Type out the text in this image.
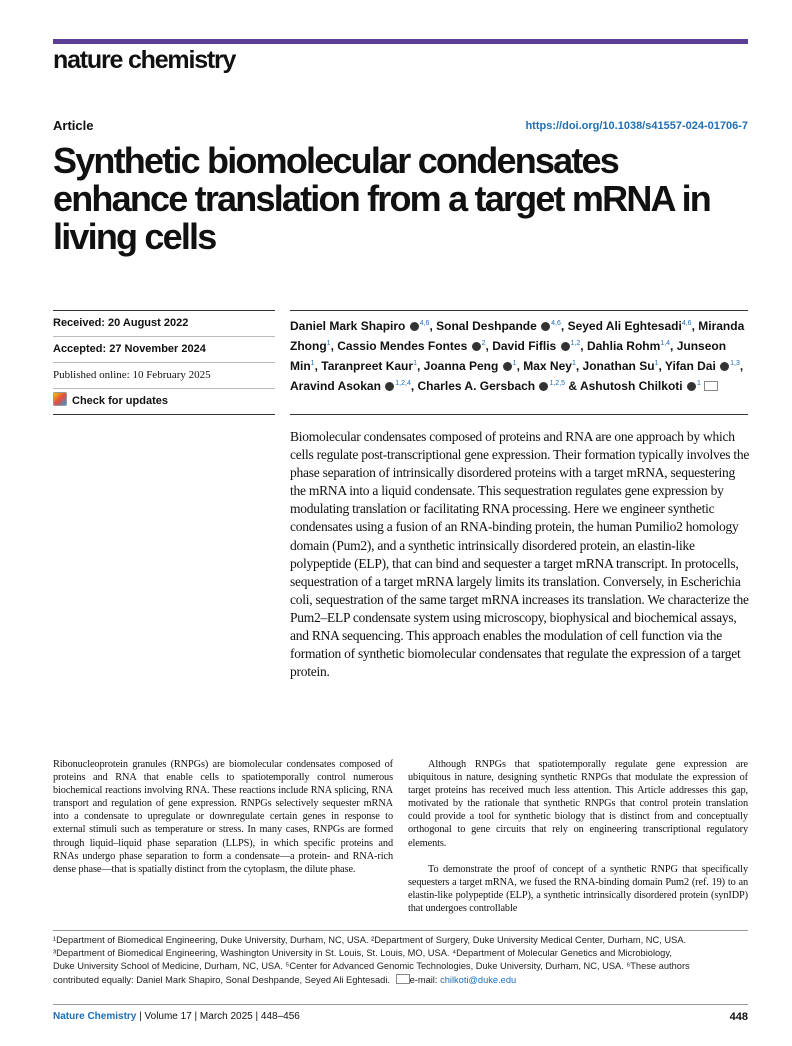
nature chemistry
Article	https://doi.org/10.1038/s41557-024-01706-7
Synthetic biomolecular condensates enhance translation from a target mRNA in living cells
Received: 20 August 2022
Accepted: 27 November 2024
Published online: 10 February 2025
Check for updates

Daniel Mark Shapiro $^{4,6}$, Sonal Deshpande $^{4,6}$, Seyed Ali Eghtesadi$^{4,6}$, Miranda Zhong$^1$, Cassio Mendes Fontes $^2$, David Fiflis $^{1,2}$, Dahlia Rohm$^{1,4}$, Junseon Min$^1$, Taranpreet Kaur$^1$, Joanna Peng $^1$, Max Ney$^1$, Jonathan Su$^1$, Yifan Dai $^{1,3}$, Aravind Asokan $^{1,2,4}$, Charles A. Gersbach $^{1,2,5}$ & Ashutosh Chilkoti $^1$

Biomolecular condensates composed of proteins and RNA are one approach by which cells regulate post-transcriptional gene expression. Their formation typically involves the phase separation of intrinsically disordered proteins with a target mRNA, sequestering the mRNA into a liquid condensate. This sequestration regulates gene expression by modulating translation or facilitating RNA processing. Here we engineer synthetic condensates using a fusion of an RNA-binding protein, the human Pumilio2 homology domain (Pum2), and a synthetic intrinsically disordered protein, an elastin-like polypeptide (ELP), that can bind and sequester a target mRNA transcript. In protocells, sequestration of a target mRNA largely limits its translation. Conversely, in Escherichia coli, sequestration of the same target mRNA increases its translation. We characterize the Pum2–ELP condensate system using microscopy, biophysical and biochemical assays, and RNA sequencing. This approach enables the modulation of cell function via the formation of synthetic biomolecular condensates that regulate the expression of a target protein.

Ribonucleoprotein granules (RNPGs) are biomolecular condensates composed of proteins and RNA that enable cells to spatiotemporally control numerous biochemical reactions involving RNA. These reactions include RNA splicing, RNA transport and regulation of gene expression. RNPGs selectively sequester mRNA into a condensate to upregulate or downregulate certain genes in response to external stimuli such as temperature or stress. In many cases, RNPGs are formed through liquid–liquid phase separation (LLPS), in which specific proteins and RNAs undergo phase separation to form a condensate—a protein- and RNA-rich dense phase—that is spatially distinct from the cytoplasm, the dilute phase.

Although RNPGs that spatiotemporally regulate gene expression are ubiquitous in nature, designing synthetic RNPGs that modulate the expression of target proteins has received much less attention. This Article addresses this gap, motivated by the rationale that synthetic RNPGs that control protein translation could provide a tool for synthetic biology that is distinct from and conceptually orthogonal to gene circuits that rely on engineering transcriptional regulatory elements.

To demonstrate the proof of concept of a synthetic RNPG that specifically sequesters a target mRNA, we fused the RNA-binding domain Pum2 (ref. 19) to an elastin-like polypeptide (ELP), a synthetic intrinsically disordered protein (synIDP) that undergoes controllable

¹Department of Biomedical Engineering, Duke University, Durham, NC, USA. ²Department of Surgery, Duke University Medical Center, Durham, NC, USA.
³Department of Biomedical Engineering, Washington University in St. Louis, St. Louis, MO, USA. ⁴Department of Molecular Genetics and Microbiology,
Duke University School of Medicine, Durham, NC, USA. ⁵Center for Advanced Genomic Technologies, Duke University, Durham, NC, USA. ⁶These authors
contributed equally: Daniel Mark Shapiro, Sonal Deshpande, Seyed Ali Eghtesadi. e-mail: chilkoti@duke.edu
Nature Chemistry | Volume 17 | March 2025 | 448–456	448
